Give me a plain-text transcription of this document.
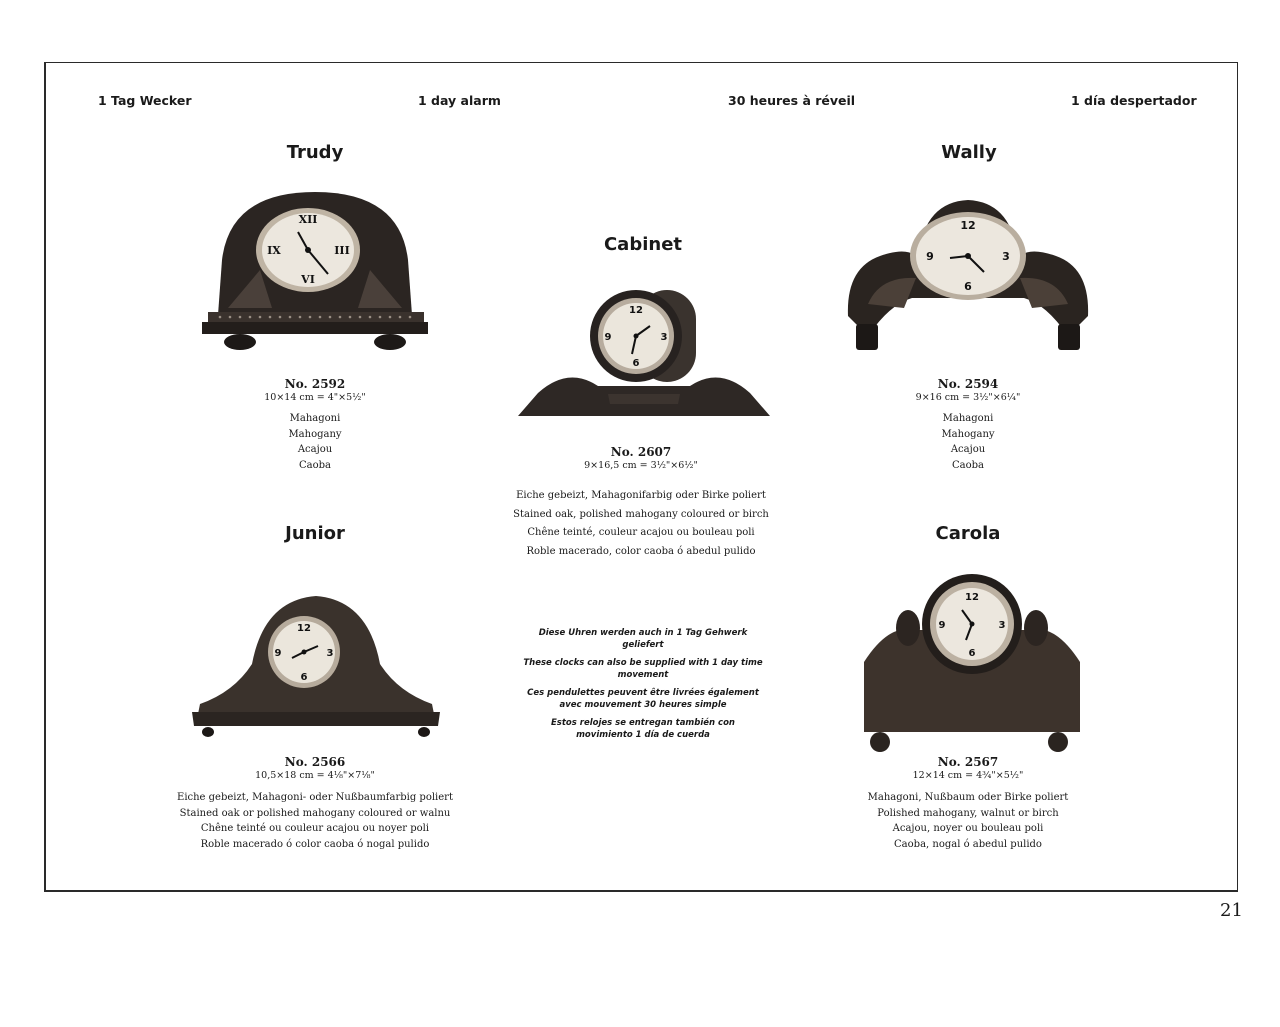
1 Tag Wecker	1 day alarm	30 heures à réveil	1 día despertador
Trudy
XII
III
VI
IX
No. 2592
10×14 cm = 4"×5½"
Mahagoni
Mahogany
Acajou
Caoba
Cabinet
12
3
6
9
No. 2607
9×16,5 cm = 3½"×6½"
Eiche gebeizt, Mahagonifarbig oder Birke poliert
Stained oak, polished mahogany coloured or birch
Chêne teinté, couleur acajou ou bouleau poli
Roble macerado, color caoba ó abedul pulido
Wally
12
3
6
9
No. 2594
9×16 cm = 3½"×6¼"
Mahagoni
Mahogany
Acajou
Caoba
Junior
12
3
6
9
No. 2566
10,5×18 cm = 4⅛"×7⅛"
Eiche gebeizt, Mahagoni- oder Nußbaumfarbig poliert
Stained oak or polished mahogany coloured or walnu
Chêne teinté ou couleur acajou ou noyer poli
Roble macerado ó color caoba ó nogal pulido

Diese Uhren werden auch in 1 Tag Gehwerk geliefert

These clocks can also be supplied with 1 day time movement

Ces pendulettes peuvent être livrées également avec mouvement 30 heures simple

Estos relojes se entregan también con movimiento 1 día de cuerda

Carola
12
3
6
9
No. 2567
12×14 cm = 4¾"×5½"
Mahagoni, Nußbaum oder Birke poliert
Polished mahogany, walnut or birch
Acajou, noyer ou bouleau poli
Caoba, nogal ó abedul pulido
21
